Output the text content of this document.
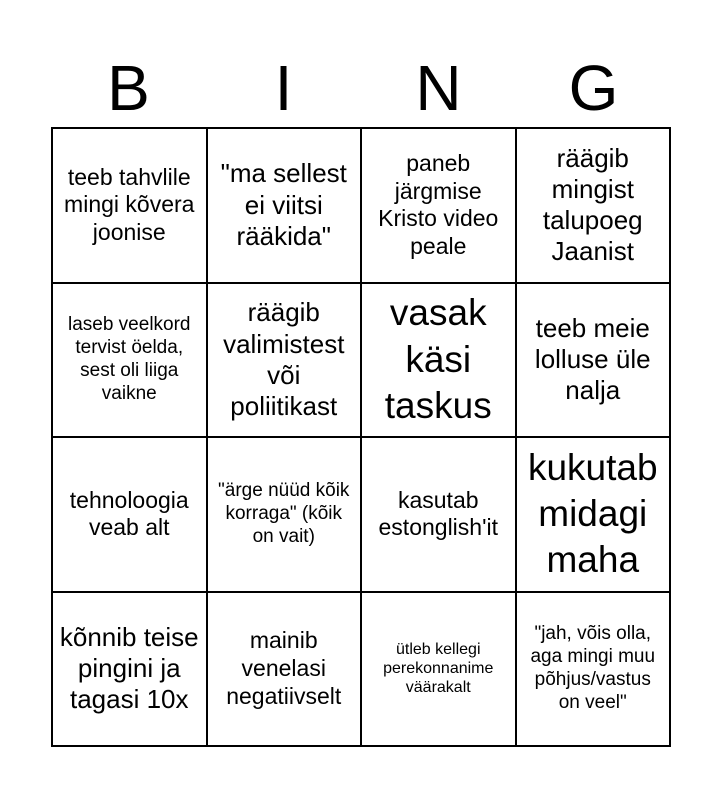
B	I	N	G
teeb tahvlile mingi kõvera joonise
"ma sellest ei viitsi rääkida"
paneb järgmise Kristo video peale
räägib mingist talupoeg Jaanist
laseb veelkord tervist öelda, sest oli liiga vaikne
räägib valimistest või poliitikast
vasak käsi taskus
teeb meie lolluse üle nalja
tehnoloogia veab alt
"ärge nüüd kõik korraga" (kõik on vait)
kasutab estonglish'it
kukutab midagi maha
kõnnib teise pingini ja tagasi 10x
mainib venelasi negatiivselt
ütleb kellegi perekonnanime väärakalt
"jah, võis olla, aga mingi muu põhjus/vastus on veel"
